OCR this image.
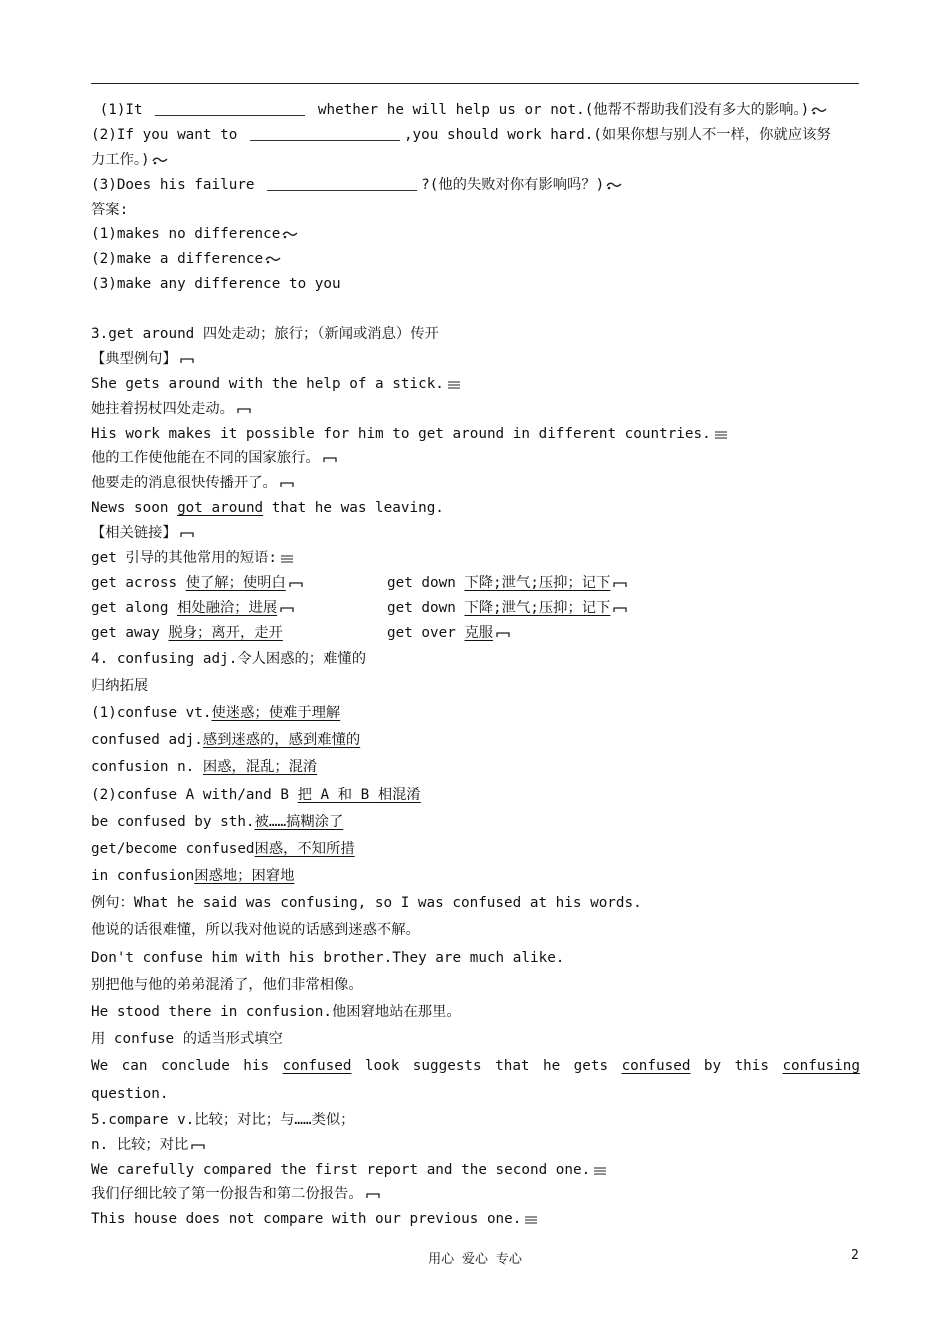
(1)It	whether he will help us or not.(他帮不帮助我们没有多大的影响。)
(2)If you want to	,you should work hard.(如果你想与别人不一样，你就应该努
力工作。)
(3)Does his failure	?(他的失败对你有影响吗？)
答案:
(1)makes no difference
(2)make a difference
(3)make any difference to you
3.get around 四处走动；旅行；（新闻或消息）传开
【典型例句】
She gets around with the help of a stick.
她拄着拐杖四处走动。
His work makes it possible for him to get around in different countries.
他的工作使他能在不同的国家旅行。
他要走的消息很快传播开了。
News soon got around that he was leaving.
【相关链接】
get 引导的其他常用的短语:
get across 使了解；使明白	get down 下降;泄气;压抑；记下
get along 相处融洽；进展	get down 下降;泄气;压抑；记下
get away 脱身；离开，走开	get over 克服
4. confusing adj.令人困惑的；难懂的
归纳拓展
(1)confuse vt.使迷惑；使难于理解
confused adj.感到迷惑的，感到难懂的
confusion n. 困惑，混乱；混淆
(2)confuse A with/and B 把 A 和 B 相混淆
be confused by sth.被……搞糊涂了
get/become confused困惑，不知所措
in confusion困惑地；困窘地
例句：What he said was confusing, so I was confused at his words.
他说的话很难懂，所以我对他说的话感到迷惑不解。
Don't confuse him with his brother.They are much alike.
别把他与他的弟弟混淆了，他们非常相像。
He stood there in confusion.他困窘地站在那里。
用 confuse 的适当形式填空
We can conclude his confused look suggests that he gets confused by this confusing
question.
5.compare v.比较；对比；与……类似；
n. 比较；对比
We carefully compared the first report and the second one.
我们仔细比较了第一份报告和第二份报告。
This house does not compare with our previous one.
用心 爱心 专心	2
